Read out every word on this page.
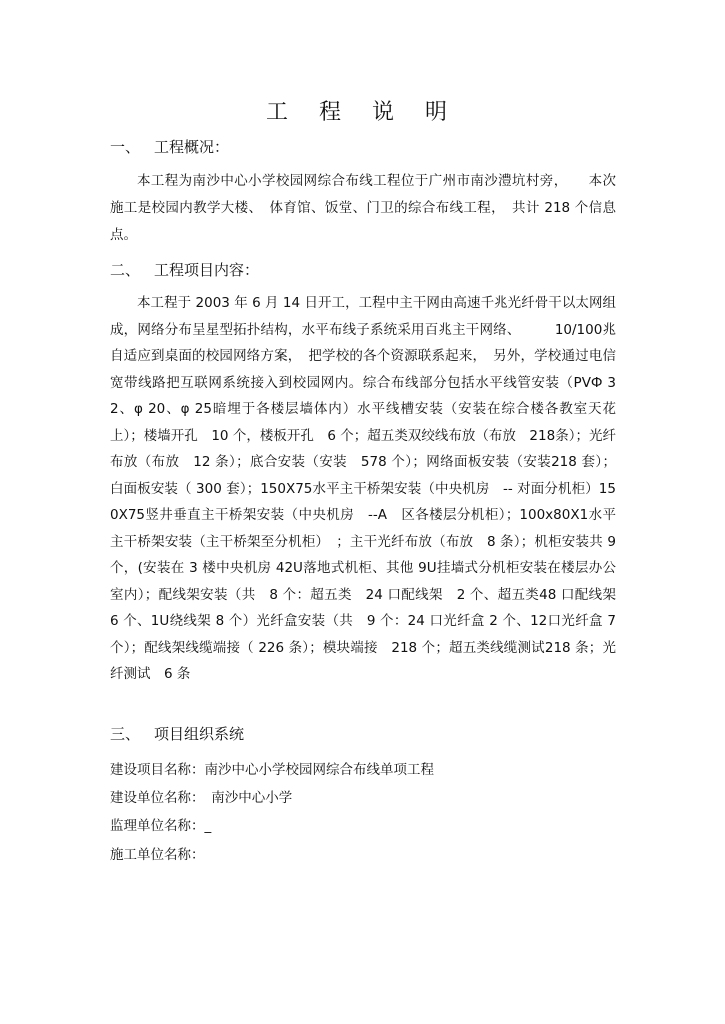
工 程 说 明
一、 工程概况：
本工程为南沙中心小学校园网综合布线工程位于广州市南沙澧坑村旁，　　本次施工是校园内教学大楼、　体育馆、饭堂、门卫的综合布线工程，　共计 218 个信息点。
二、 工程项目内容：
本工程于 2003 年 6 月 14 日开工，工程中主干网由高速千兆光纤骨干以太网组成，网络分布呈星型拓扑结构，水平布线子系统采用百兆主干网络、　　　10/100兆自适应到桌面的校园网络方案，　把学校的各个资源联系起来，　另外，学校通过电信宽带线路把互联网系统接入到校园网内。综合布线部分包括水平线管安装（PVФ 32、φ 20、φ 25暗埋于各楼层墙体内）水平线槽安装（安装在综合楼各教室天花上）；楼墙开孔　10 个，楼板开孔　6 个；超五类双绞线布放（布放　218条）；光纤布放（布放　12 条）；底合安装（安装　578 个）；网络面板安装（安装218 套）；白面板安装（ 300 套）；150X75水平主干桥架安装（中央机房　-- 对面分机柜）150X75竖井垂直主干桥架安装（中央机房　--A　区各楼层分机柜）；100x80X1水平主干桥架安装（主干桥架至分机柜）　；主干光纤布放（布放　8 条）；机柜安装共 9 个，(安装在 3 楼中央机房 42U落地式机柜、其他 9U挂墙式分机柜安装在楼层办公室内）；配线架安装（共　8 个：超五类　24 口配线架　2 个、超五类48 口配线架　6 个、1U绕线架 8 个）光纤盒安装（共　9 个：24 口光纤盒 2 个、12口光纤盒 7 个）；配线架线缆端接（ 226 条）；模块端接　218 个；超五类线缆测试218 条；光纤测试　6 条
三、 项目组织系统
建设项目名称：南沙中心小学校园网综合布线单项工程
建设单位名称：　南沙中心小学
监理单位名称：_
施工单位名称：
